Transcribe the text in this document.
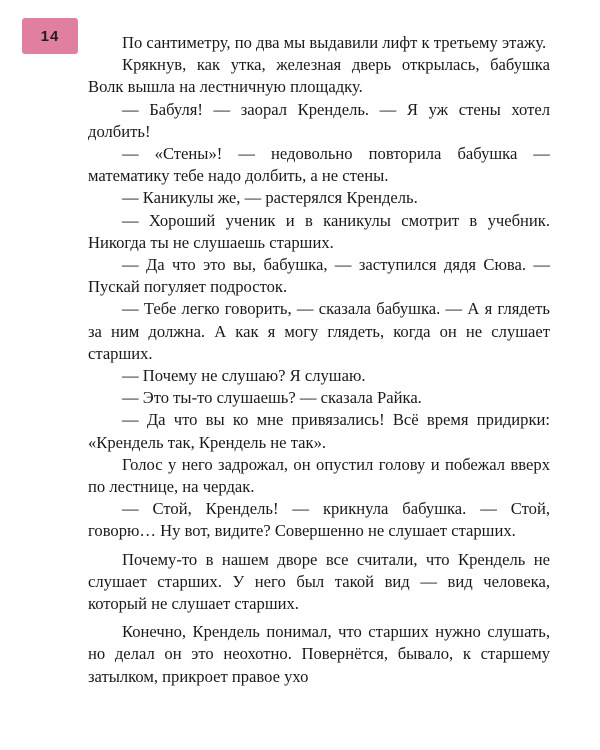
14	По сантиметру, по два мы выдавили лифт к третьему этажу.

Крякнув, как утка, железная дверь открылась, бабушка Волк вышла на лестничную площадку.

— Бабуля! — заорал Крендель. — Я уж стены хотел долбить!

— «Стены»! — недовольно повторила бабушка — математику тебе надо долбить, а не стены.

— Каникулы же, — растерялся Крендель.

— Хороший ученик и в каникулы смотрит в учебник. Никогда ты не слушаешь старших.

— Да что это вы, бабушка, — заступился дядя Сюва. — Пускай погуляет подросток.

— Тебе легко говорить, — сказала бабушка. — А я глядеть за ним должна. А как я могу глядеть, когда он не слушает старших.

— Почему не слушаю? Я слушаю.

— Это ты-то слушаешь? — сказала Райка.

— Да что вы ко мне привязались! Всё время придирки: «Крендель так, Крендель не так».

Голос у него задрожал, он опустил голову и побежал вверх по лестнице, на чердак.

— Стой, Крендель! — крикнула бабушка. — Стой, говорю… Ну вот, видите? Совершенно не слушает старших.

Почему-то в нашем дворе все считали, что Крендель не слушает старших. У него был такой вид — вид человека, который не слушает старших.

Конечно, Крендель понимал, что старших нужно слушать, но делал он это неохотно. Повернётся, бывало, к старшему затылком, прикроет правое ухо
